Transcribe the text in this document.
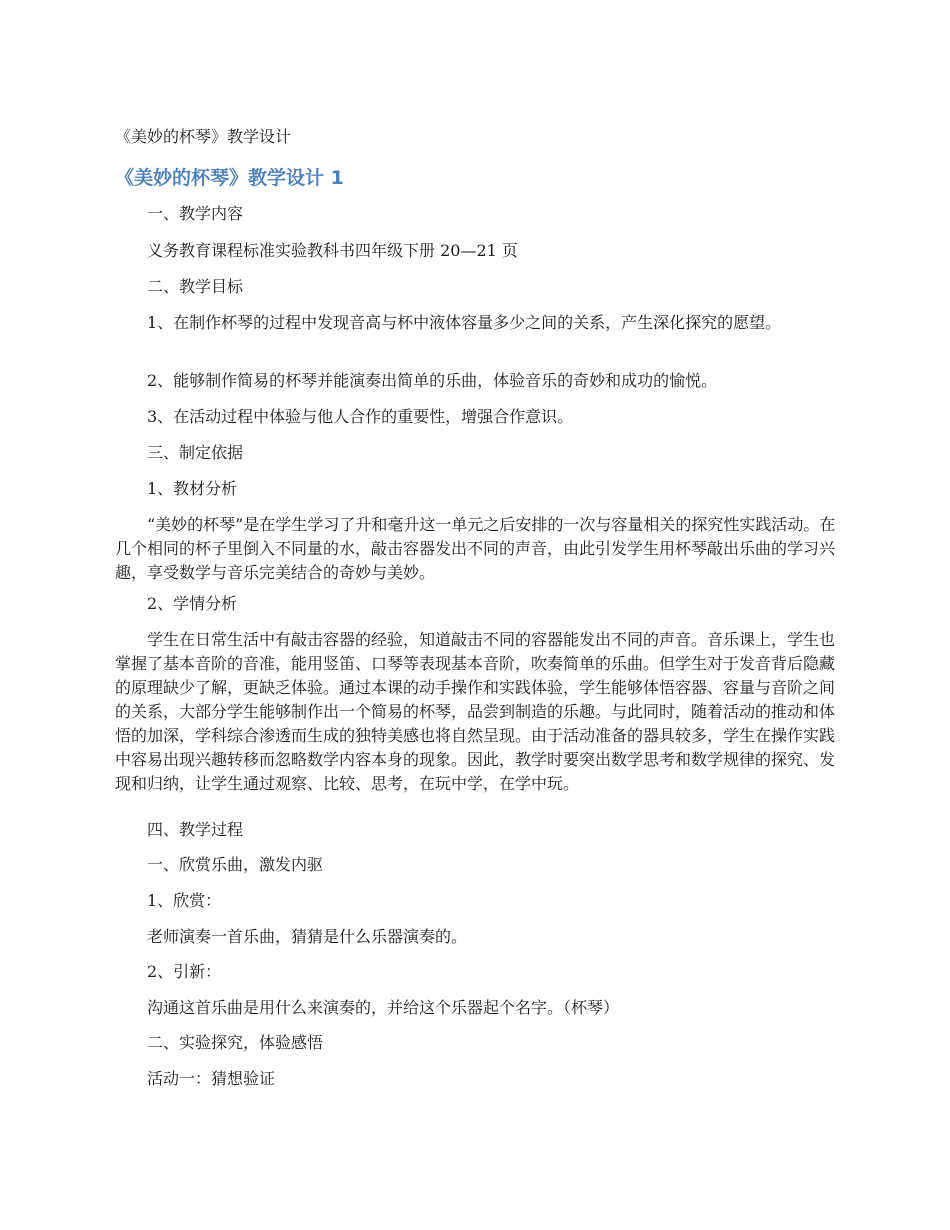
《美妙的杯琴》教学设计
《美妙的杯琴》教学设计 1

一、教学内容

义务教育课程标准实验教科书四年级下册 20—21 页

二、教学目标

1、在制作杯琴的过程中发现音高与杯中液体容量多少之间的关系，产生深化探究的愿望。

2、能够制作简易的杯琴并能演奏出简单的乐曲，体验音乐的奇妙和成功的愉悦。

3、在活动过程中体验与他人合作的重要性，增强合作意识。

三、制定依据

1、教材分析

“美妙的杯琴”是在学生学习了升和毫升这一单元之后安排的一次与容量相关的探究性实践活动。在几个相同的杯子里倒入不同量的水，敲击容器发出不同的声音，由此引发学生用杯琴敲出乐曲的学习兴趣，享受数学与音乐完美结合的奇妙与美妙。

2、学情分析

学生在日常生活中有敲击容器的经验，知道敲击不同的容器能发出不同的声音。音乐课上，学生也掌握了基本音阶的音准，能用竖笛、口琴等表现基本音阶，吹奏简单的乐曲。但学生对于发音背后隐藏的原理缺少了解，更缺乏体验。通过本课的动手操作和实践体验，学生能够体悟容器、容量与音阶之间的关系，大部分学生能够制作出一个简易的杯琴，品尝到制造的乐趣。与此同时，随着活动的推动和体悟的加深，学科综合渗透而生成的独特美感也将自然呈现。由于活动准备的器具较多，学生在操作实践中容易出现兴趣转移而忽略数学内容本身的现象。因此，教学时要突出数学思考和数学规律的探究、发现和归纳，让学生通过观察、比较、思考，在玩中学，在学中玩。

四、教学过程

一、欣赏乐曲，激发内驱

1、欣赏：

老师演奏一首乐曲，猜猜是什么乐器演奏的。

2、引新：

沟通这首乐曲是用什么来演奏的，并给这个乐器起个名字。（杯琴）

二、实验探究，体验感悟

活动一：猜想验证
